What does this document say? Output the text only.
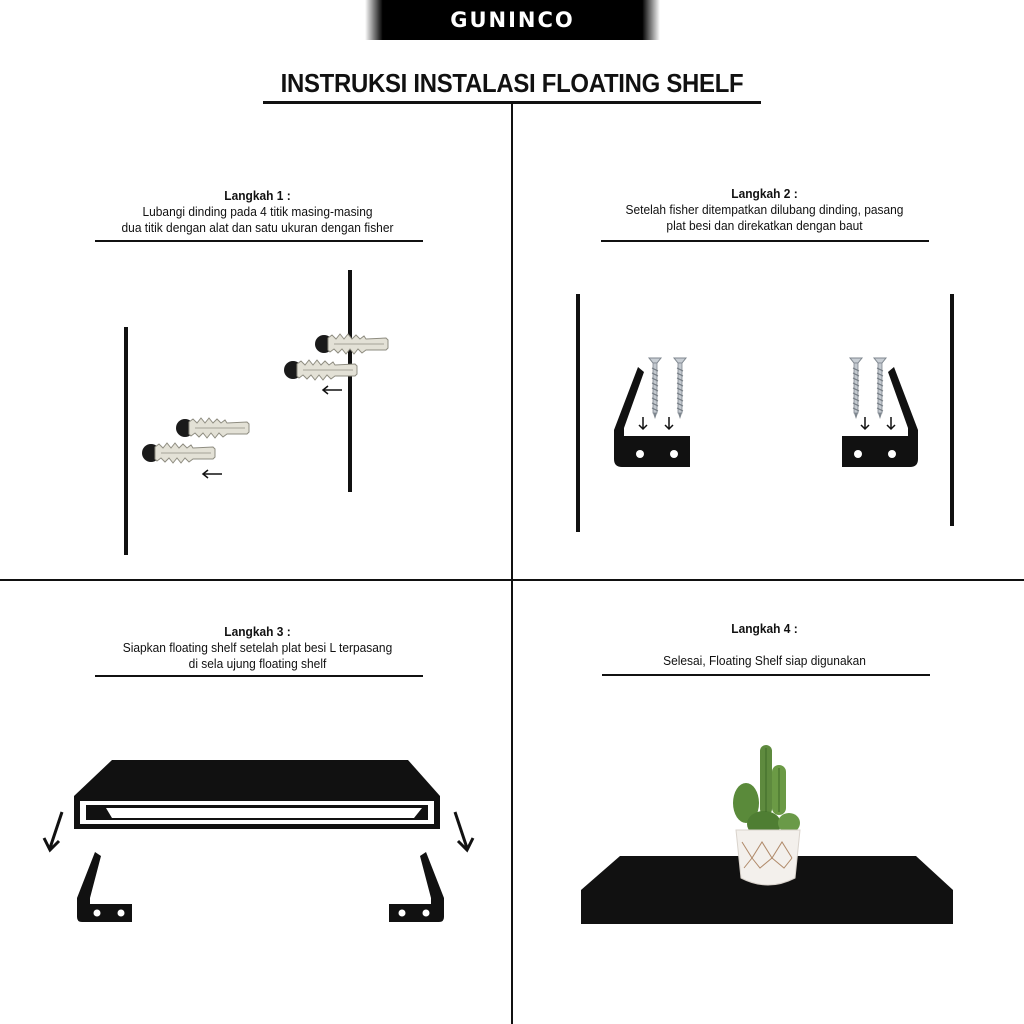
GUNINCO
INSTRUKSI INSTALASI FLOATING SHELF
Langkah 1 :
Lubangi dinding pada 4 titik masing-masing
dua titik dengan alat dan satu ukuran dengan fisher
Langkah 2 :
Setelah fisher ditempatkan dilubang dinding, pasang
plat besi dan direkatkan dengan baut
Langkah 3 :
Siapkan floating shelf setelah plat besi L terpasang
di sela ujung floating shelf
Langkah 4 :
Selesai, Floating Shelf siap digunakan
